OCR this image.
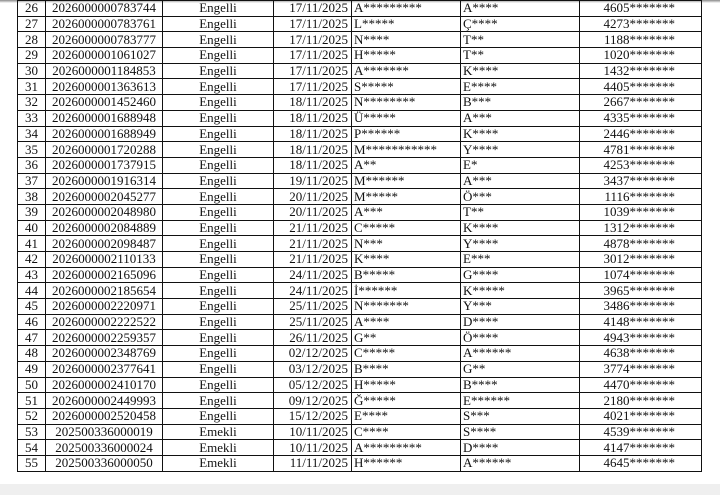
26	2026000000783744	Engelli	17/11/2025	A*********	A****	4605*******
27	2026000000783761	Engelli	17/11/2025	L*****	Ç****	4273*******
28	2026000000783777	Engelli	17/11/2025	N****	T**	1188*******
29	2026000001061027	Engelli	17/11/2025	H*****	T**	1020*******
30	2026000001184853	Engelli	17/11/2025	A*******	K****	1432*******
31	2026000001363613	Engelli	17/11/2025	S*****	E****	4405*******
32	2026000001452460	Engelli	18/11/2025	N********	B***	2667*******
33	2026000001688948	Engelli	18/11/2025	Ü*****	A***	4335*******
34	2026000001688949	Engelli	18/11/2025	P******	K****	2446*******
35	2026000001720288	Engelli	18/11/2025	M***********	Y****	4781*******
36	2026000001737915	Engelli	18/11/2025	A**	E*	4253*******
37	2026000001916314	Engelli	19/11/2025	M******	A***	3437*******
38	2026000002045277	Engelli	20/11/2025	M*****	Ö***	1116*******
39	2026000002048980	Engelli	20/11/2025	A***	T**	1039*******
40	2026000002084889	Engelli	21/11/2025	C*****	K****	1312*******
41	2026000002098487	Engelli	21/11/2025	N***	Y****	4878*******
42	2026000002110133	Engelli	21/11/2025	K****	E***	3012*******
43	2026000002165096	Engelli	24/11/2025	B*****	G****	1074*******
44	2026000002185654	Engelli	24/11/2025	İ******	K*****	3965*******
45	2026000002220971	Engelli	25/11/2025	N*******	Y***	3486*******
46	2026000002222522	Engelli	25/11/2025	A****	D****	4148*******
47	2026000002259357	Engelli	26/11/2025	G**	Ö****	4943*******
48	2026000002348769	Engelli	02/12/2025	C*****	A******	4638*******
49	2026000002377641	Engelli	03/12/2025	B****	G**	3774*******
50	2026000002410170	Engelli	05/12/2025	H*****	B****	4470*******
51	2026000002449993	Engelli	09/12/2025	Ğ*****	E******	2180*******
52	2026000002520458	Engelli	15/12/2025	E****	S***	4021*******
53	202500336000019	Emekli	10/11/2025	C****	S****	4539*******
54	202500336000024	Emekli	10/11/2025	A*********	D****	4147*******
55	202500336000050	Emekli	11/11/2025	H******	A******	4645*******
